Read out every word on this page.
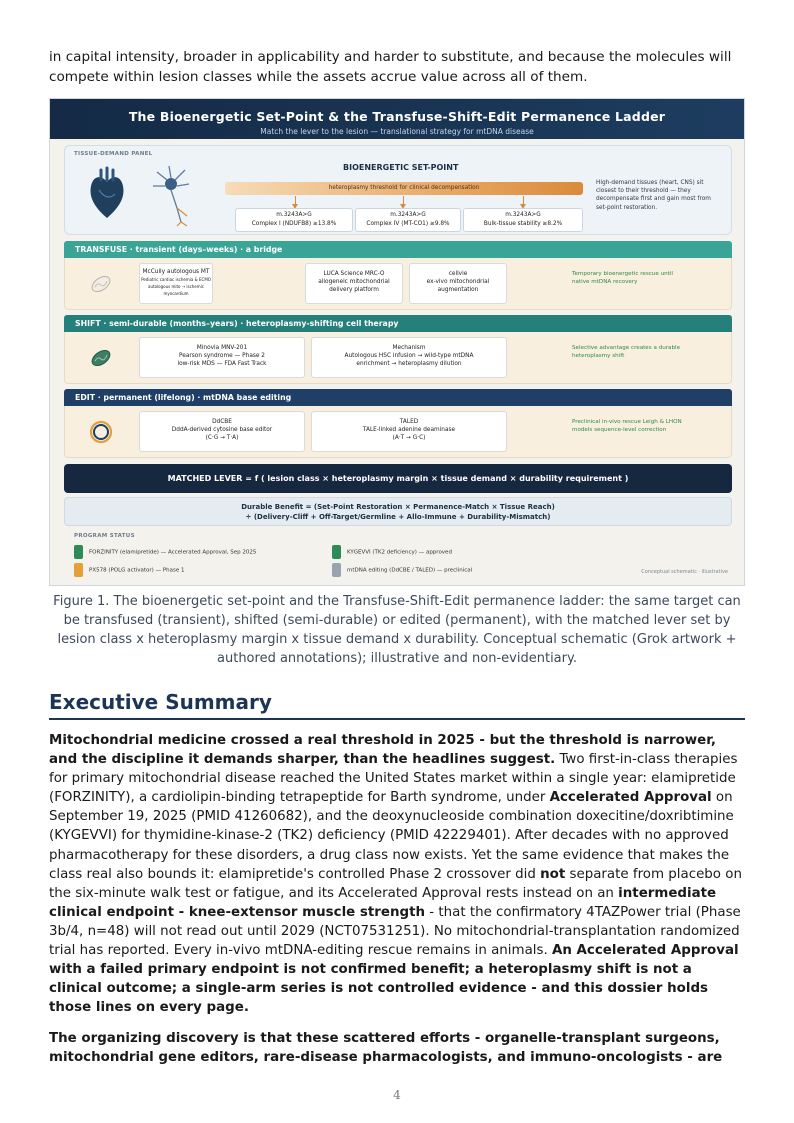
in capital intensity, broader in applicability and harder to substitute, and because the molecules will compete within lesion classes while the assets accrue value across all of them.

The Bioenergetic Set-Point & the Transfuse-Shift-Edit Permanence Ladder
Match the lever to the lesion — translational strategy for mtDNA disease
TISSUE-DEMAND PANEL
BIOENERGETIC SET-POINT
heteroplasmy threshold for clinical decompensation
m.3243A>G
Complex I (NDUFB8) ≥13.8%
m.3243A>G
Complex IV (MT-CO1) ≥9.8%
m.3243A>G
Bulk-tissue stability ≥8.2%
High-demand tissues (heart, CNS) sit closest to their threshold — they decompensate first and gain most from set-point restoration.
TRANSFUSE · transient (days–weeks) · a bridge
McCully autologous MT
Pediatric cardiac ischemia & ECMO
autologous mito → ischemic myocardium
LUCA Science MRC-O
allogeneic mitochondrial
delivery platform
cellvie
ex-vivo mitochondrial
augmentation
Temporary bioenergetic rescue until native mtDNA recovery
SHIFT · semi-durable (months–years) · heteroplasmy-shifting cell therapy
Minovia MNV-201
Pearson syndrome — Phase 2
low-risk MDS — FDA Fast Track
Mechanism
Autologous HSC infusion → wild-type mtDNA
enrichment → heteroplasmy dilution
Selective advantage creates a durable heteroplasmy shift
EDIT · permanent (lifelong) · mtDNA base editing
DdCBE
DddA-derived cytosine base editor
(C·G → T·A)
TALED
TALE-linked adenine deaminase
(A·T → G·C)
Preclinical in-vivo rescue Leigh & LHON models sequence-level correction
MATCHED LEVER = f ( lesion class × heteroplasmy margin × tissue demand × durability requirement )
Durable Benefit = (Set-Point Restoration × Permanence-Match × Tissue Reach)
÷ (Delivery-Cliff + Off-Target/Germline + Allo-Immune + Durability-Mismatch)
PROGRAM STATUS
FORZINITY (elamipretide) — Accelerated Approval, Sep 2025	KYGEVVI (TK2 deficiency) — approved
PX578 (POLG activator) — Phase 1	mtDNA editing (DdCBE / TALED) — preclinical	Conceptual schematic · illustrative

Figure 1. The bioenergetic set-point and the Transfuse-Shift-Edit permanence ladder: the same target can be transfused (transient), shifted (semi-durable) or edited (permanent), with the matched lever set by lesion class x heteroplasmy margin x tissue demand x durability. Conceptual schematic (Grok artwork + authored annotations); illustrative and non-evidentiary.

Executive Summary

Mitochondrial medicine crossed a real threshold in 2025 - but the threshold is narrower, and the discipline it demands sharper, than the headlines suggest. Two first-in-class therapies for primary mitochondrial disease reached the United States market within a single year: elamipretide (FORZINITY), a cardiolipin-binding tetrapeptide for Barth syndrome, under Accelerated Approval on September 19, 2025 (PMID 41260682), and the deoxynucleoside combination doxecitine/doxribtimine (KYGEVVI) for thymidine-kinase-2 (TK2) deficiency (PMID 42229401). After decades with no approved pharmacotherapy for these disorders, a drug class now exists. Yet the same evidence that makes the class real also bounds it: elamipretide's controlled Phase 2 crossover did not separate from placebo on the six-minute walk test or fatigue, and its Accelerated Approval rests instead on an intermediate clinical endpoint - knee-extensor muscle strength - that the confirmatory 4TAZPower trial (Phase 3b/4, n=48) will not read out until 2029 (NCT07531251). No mitochondrial-transplantation randomized trial has reported. Every in-vivo mtDNA-editing rescue remains in animals. An Accelerated Approval with a failed primary endpoint is not confirmed benefit; a heteroplasmy shift is not a clinical outcome; a single-arm series is not controlled evidence - and this dossier holds those lines on every page.

The organizing discovery is that these scattered efforts - organelle-transplant surgeons, mitochondrial gene editors, rare-disease pharmacologists, and immuno-oncologists - are

4
